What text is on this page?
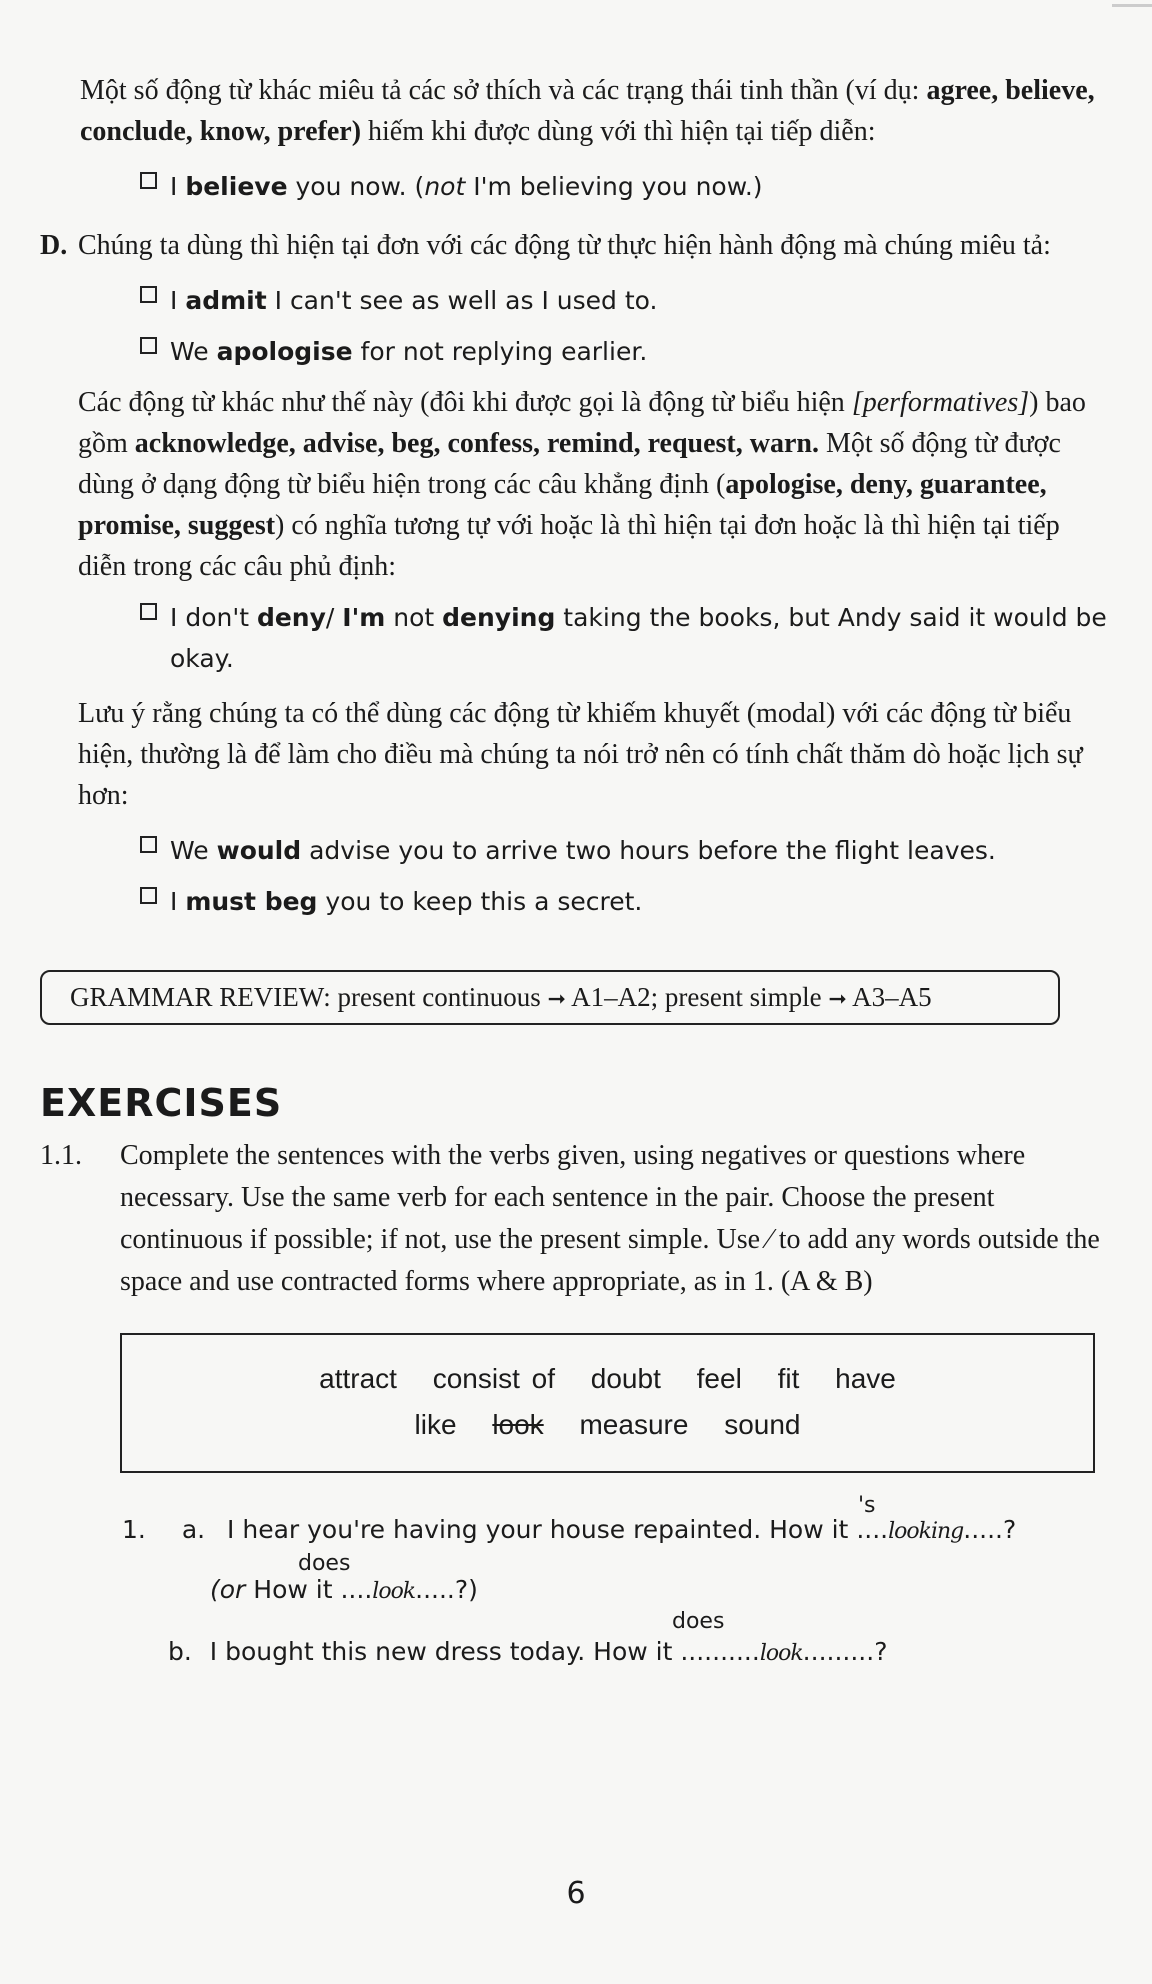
Một số động từ khác miêu tả các sở thích và các trạng thái tinh thần (ví dụ: agree, believe, conclude, know, prefer) hiếm khi được dùng với thì hiện tại tiếp diễn:

I believe you now. (not I'm believing you now.)
D. Chúng ta dùng thì hiện tại đơn với các động từ thực hiện hành động mà chúng miêu tả:
I admit I can't see as well as I used to.
We apologise for not replying earlier.

Các động từ khác như thế này (đôi khi được gọi là động từ biểu hiện [performatives]) bao gồm acknowledge, advise, beg, confess, remind, request, warn. Một số động từ được dùng ở dạng động từ biểu hiện trong các câu khẳng định (apologise, deny, guarantee, promise, suggest) có nghĩa tương tự với hoặc là thì hiện tại đơn hoặc là thì hiện tại tiếp diễn trong các câu phủ định:

I don't deny/ I'm not denying taking the books, but Andy said it would be okay.

Lưu ý rằng chúng ta có thể dùng các động từ khiếm khuyết (modal) với các động từ biểu hiện, thường là để làm cho điều mà chúng ta nói trở nên có tính chất thăm dò hoặc lịch sự hơn:

We would advise you to arrive two hours before the flight leaves.
I must beg you to keep this a secret.
GRAMMAR REVIEW: present continuous ➞ A1–A2; present simple ➞ A3–A5
EXERCISES
1.1. Complete the sentences with the verbs given, using negatives or questions where necessary. Use the same verb for each sentence in the pair. Choose the present continuous if possible; if not, use the present simple. Use ⁄ to add any words outside the space and use contracted forms where appropriate, as in 1. (A & B)
attract consist of doubt feel fit have
like look measure sound
's
1. a. I hear you're having your house repainted. How it ....looking.....?
does
(or How it ....look.....?)
does
b. I bought this new dress today. How it ..........look.........?
6
